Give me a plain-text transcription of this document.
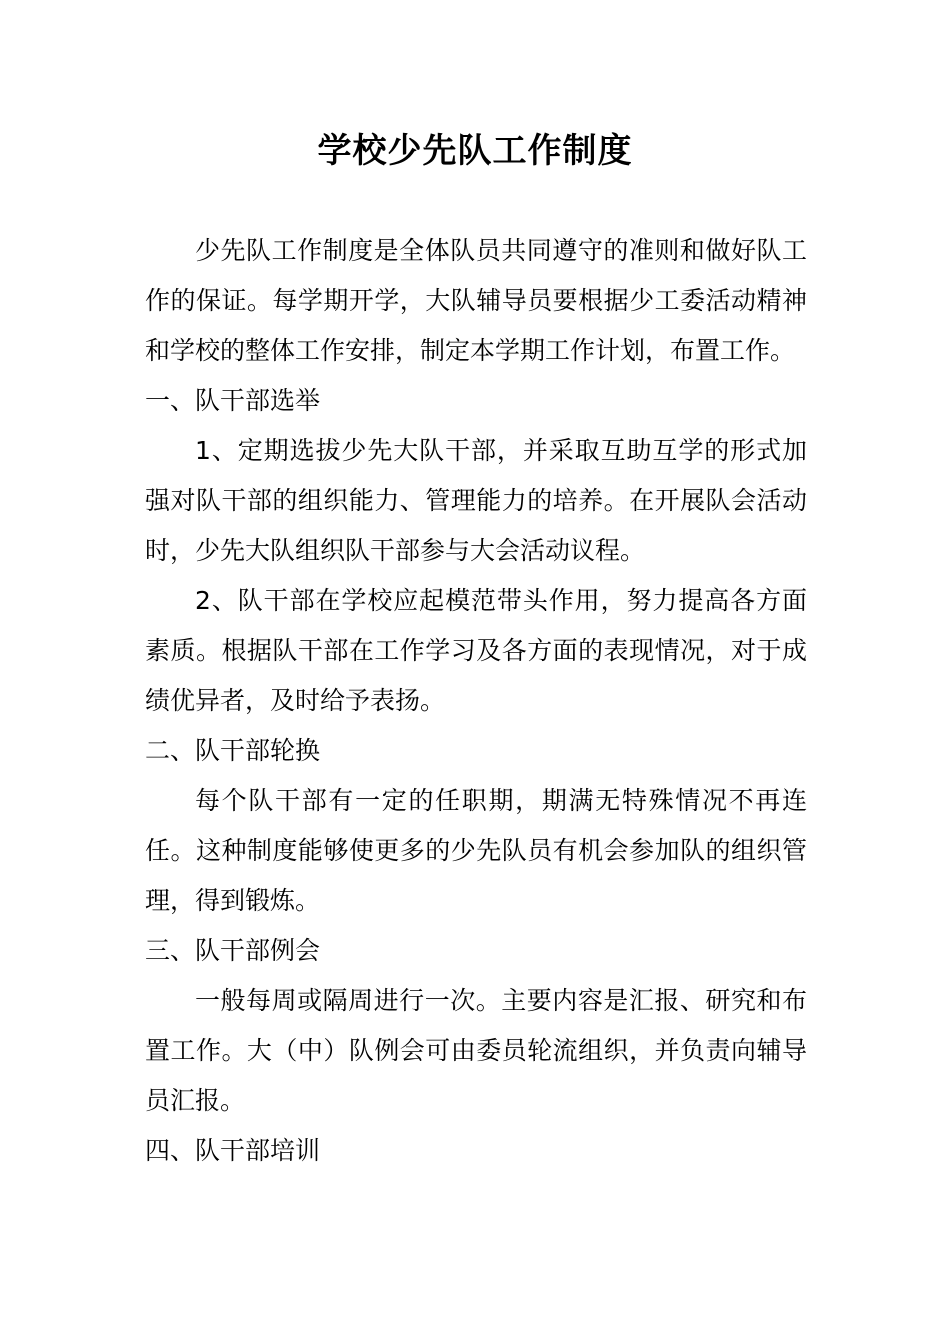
学校少先队工作制度

少先队工作制度是全体队员共同遵守的准则和做好队工作的保证。每学期开学，大队辅导员要根据少工委活动精神和学校的整体工作安排，制定本学期工作计划，布置工作。

一、队干部选举

1、定期选拔少先大队干部，并采取互助互学的形式加强对队干部的组织能力、管理能力的培养。在开展队会活动时，少先大队组织队干部参与大会活动议程。

2、队干部在学校应起模范带头作用，努力提高各方面素质。根据队干部在工作学习及各方面的表现情况，对于成绩优异者，及时给予表扬。

二、队干部轮换

每个队干部有一定的任职期，期满无特殊情况不再连任。这种制度能够使更多的少先队员有机会参加队的组织管理，得到锻炼。

三、队干部例会

一般每周或隔周进行一次。主要内容是汇报、研究和布置工作。大（中）队例会可由委员轮流组织，并负责向辅导员汇报。

四、队干部培训
